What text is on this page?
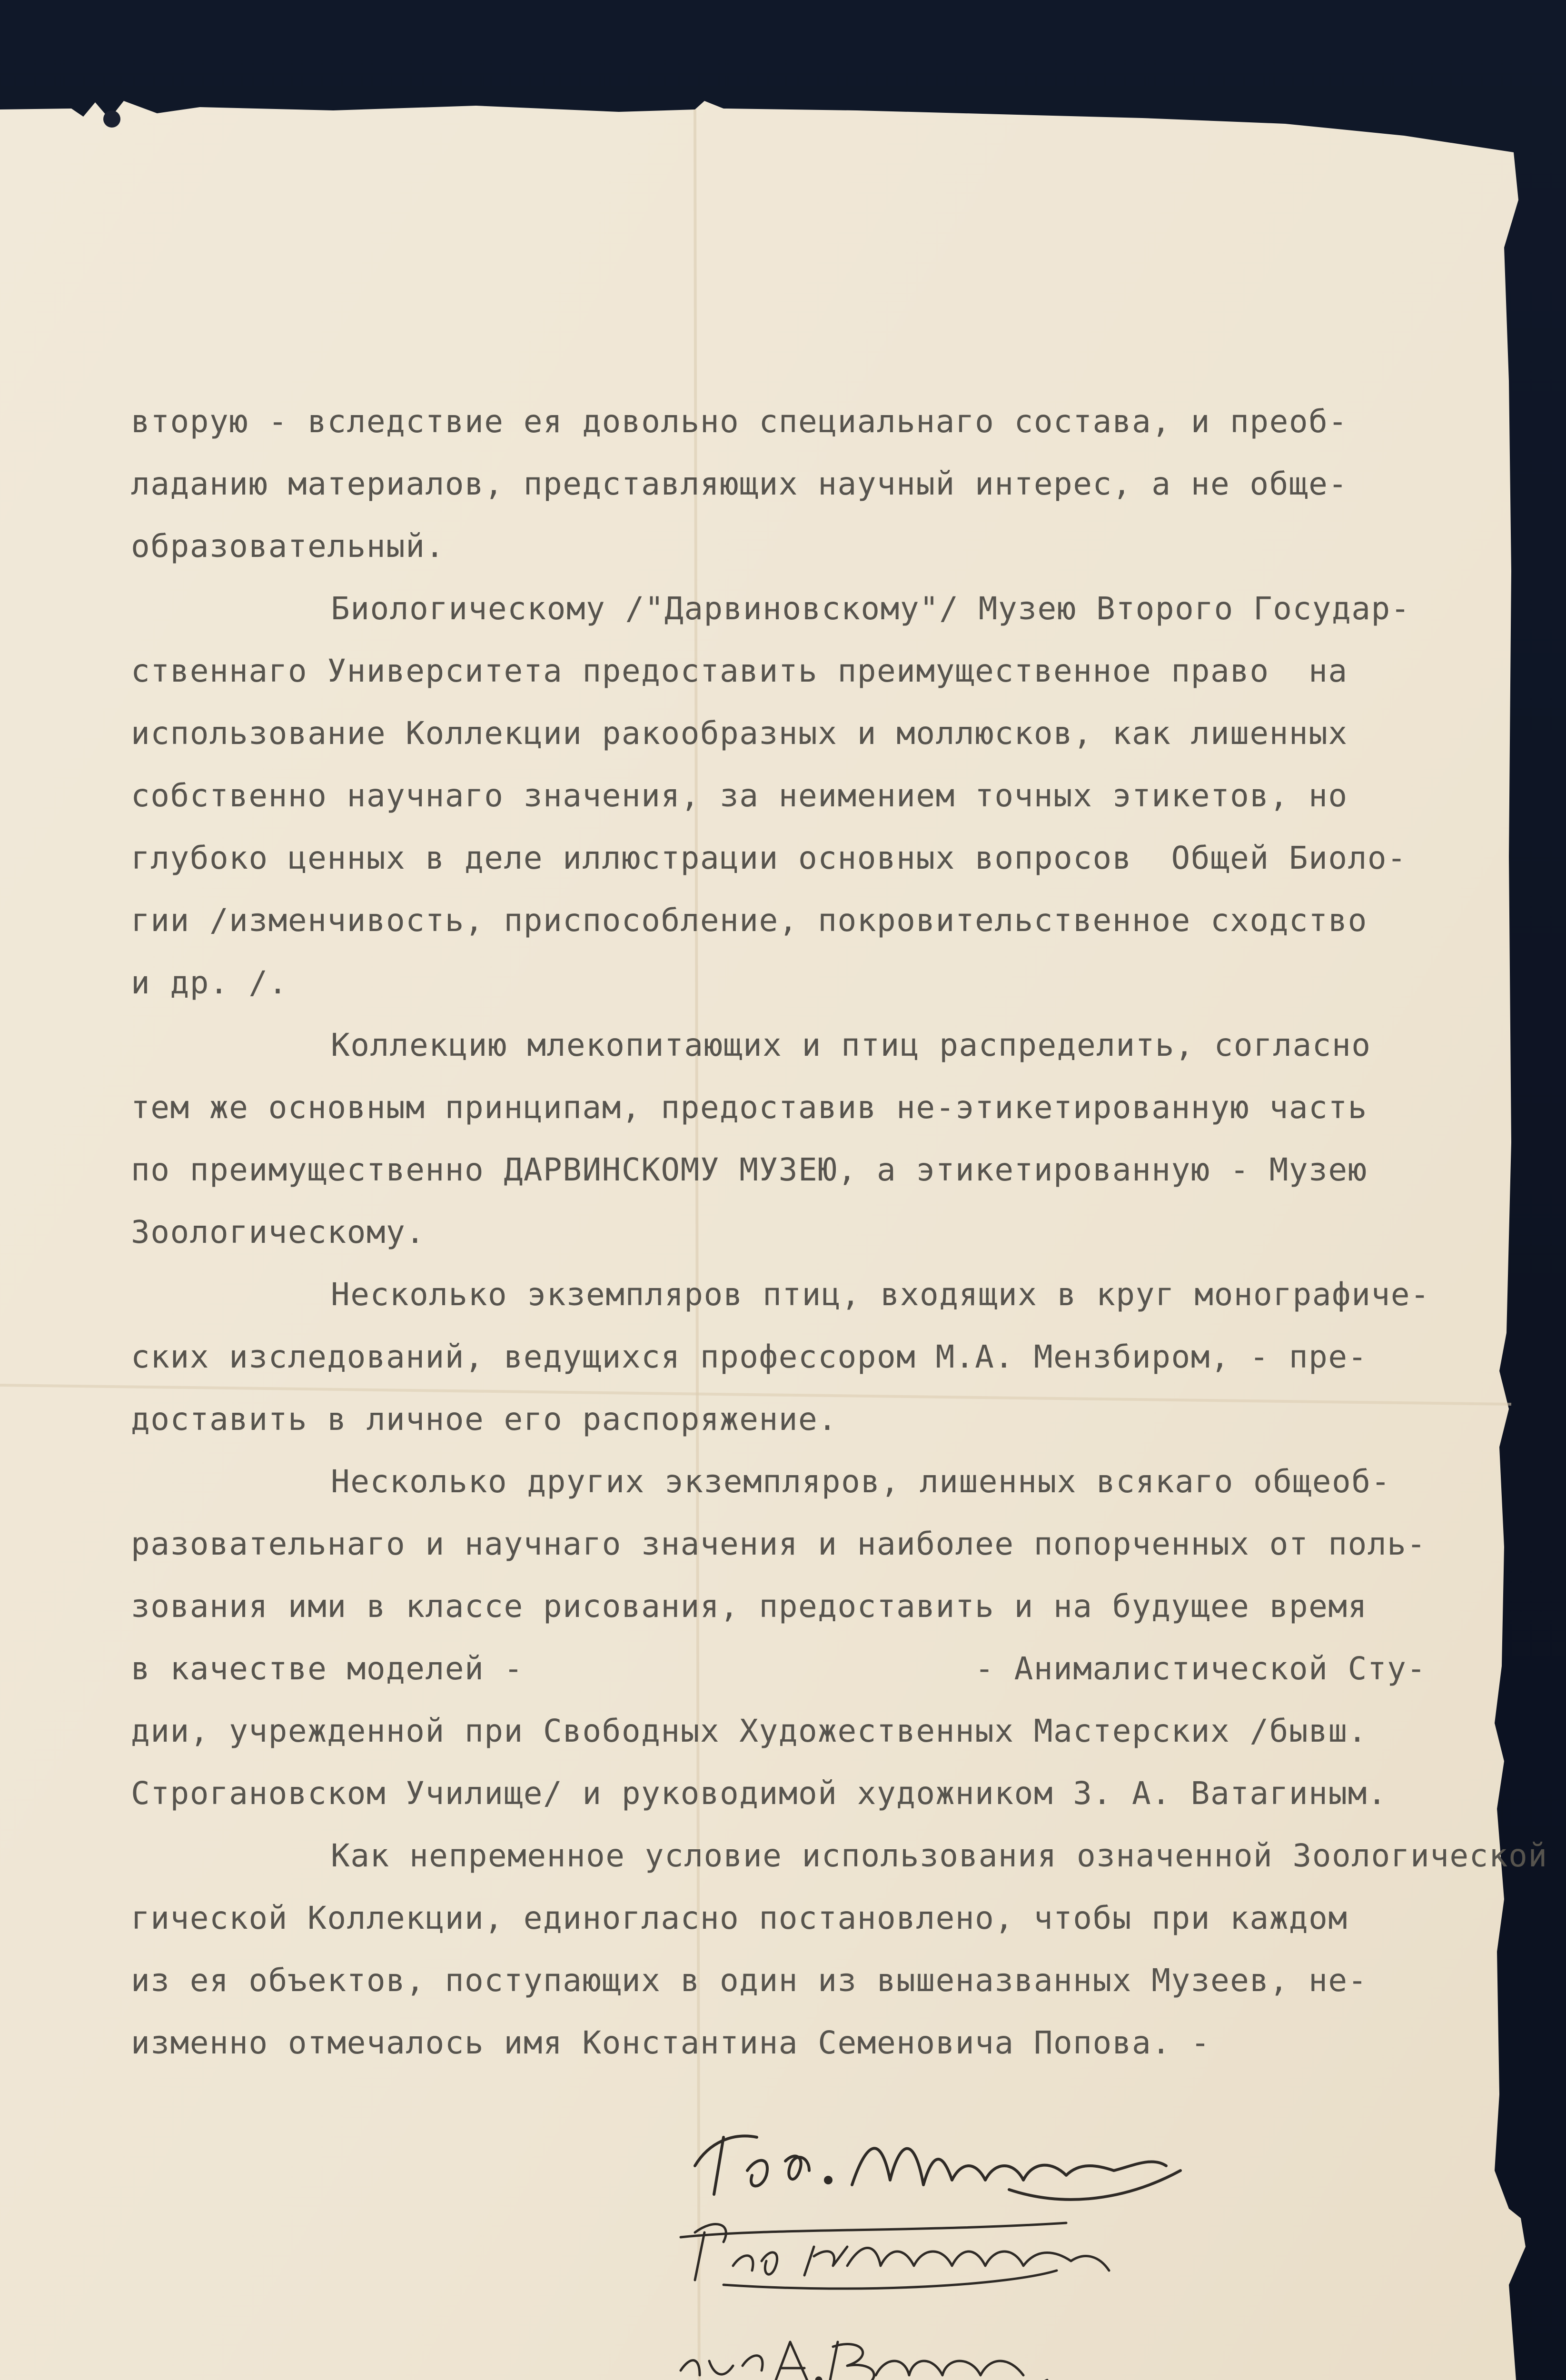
вторую - вследствие ея довольно специальнаго состава, и преоб-
ладанию материалов, представляющих научный интерес, а не обще-
образовательный.
Биологическому /"Дарвиновскому"/ Музею Второго Государ-
ственнаго Университета предоставить преимущественное право  на
использование Коллекции ракообразных и моллюсков, как лишенных
собственно научнаго значения, за неимением точных этикетов, но
глубоко ценных в деле иллюстрации основных вопросов  Общей Биоло-
гии /изменчивость, приспособление, покровительственное сходство
и др. /.
Коллекцию млекопитающих и птиц распределить, согласно
тем же основным принципам, предоставив не-этикетированную часть
по преимущественно ДАРВИНСКОМУ МУЗЕЮ, а этикетированную - Музею
Зоологическому.
Несколько экземпляров птиц, входящих в круг монографиче-
ских изследований, ведущихся профессором М.А. Мензбиром, - пре-
доставить в личное его распоряжение.
Несколько других экземпляров, лишенных всякаго общеоб-
разовательнаго и научнаго значения и наиболее попорченных от поль-
зования ими в классе рисования, предоставить и на будущее время
в качестве моделей -                       - Анималистической Сту-
дии, учрежденной при Свободных Художественных Мастерских /бывш.
Строгановском Училище/ и руководимой художником З. А. Ватагиным.
Как непременное условие использования означенной Зоологической
гической Коллекции, единогласно постановлено, чтобы при каждом
из ея объектов, поступающих в один из вышеназванных Музеев, не-
изменно отмечалось имя Константина Семеновича Попова. -
